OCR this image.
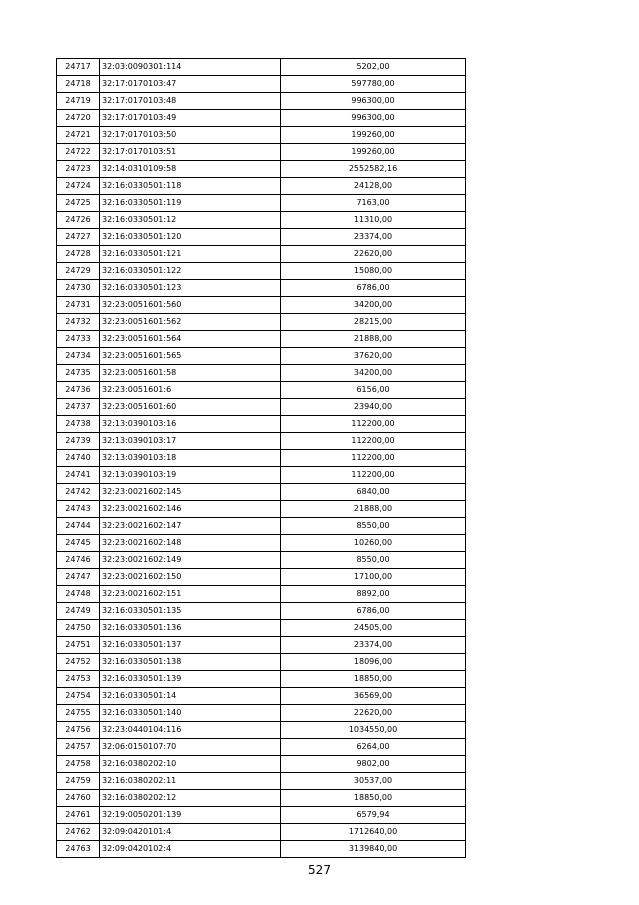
24717	32:03:0090301:114	5202,00
24718	32:17:0170103:47	597780,00
24719	32:17:0170103:48	996300,00
24720	32:17:0170103:49	996300,00
24721	32:17:0170103:50	199260,00
24722	32:17:0170103:51	199260,00
24723	32:14:0310109:58	2552582,16
24724	32:16:0330501:118	24128,00
24725	32:16:0330501:119	7163,00
24726	32:16:0330501:12	11310,00
24727	32:16:0330501:120	23374,00
24728	32:16:0330501:121	22620,00
24729	32:16:0330501:122	15080,00
24730	32:16:0330501:123	6786,00
24731	32:23:0051601:560	34200,00
24732	32:23:0051601:562	28215,00
24733	32:23:0051601:564	21888,00
24734	32:23:0051601:565	37620,00
24735	32:23:0051601:58	34200,00
24736	32:23:0051601:6	6156,00
24737	32:23:0051601:60	23940,00
24738	32:13:0390103:16	112200,00
24739	32:13:0390103:17	112200,00
24740	32:13:0390103:18	112200,00
24741	32:13:0390103:19	112200,00
24742	32:23:0021602:145	6840,00
24743	32:23:0021602:146	21888,00
24744	32:23:0021602:147	8550,00
24745	32:23:0021602:148	10260,00
24746	32:23:0021602:149	8550,00
24747	32:23:0021602:150	17100,00
24748	32:23:0021602:151	8892,00
24749	32:16:0330501:135	6786,00
24750	32:16:0330501:136	24505,00
24751	32:16:0330501:137	23374,00
24752	32:16:0330501:138	18096,00
24753	32:16:0330501:139	18850,00
24754	32:16:0330501:14	36569,00
24755	32:16:0330501:140	22620,00
24756	32:23:0440104:116	1034550,00
24757	32:06:0150107:70	6264,00
24758	32:16:0380202:10	9802,00
24759	32:16:0380202:11	30537,00
24760	32:16:0380202:12	18850,00
24761	32:19:0050201:139	6579,94
24762	32:09:0420101:4	1712640,00
24763	32:09:0420102:4	3139840,00
527
